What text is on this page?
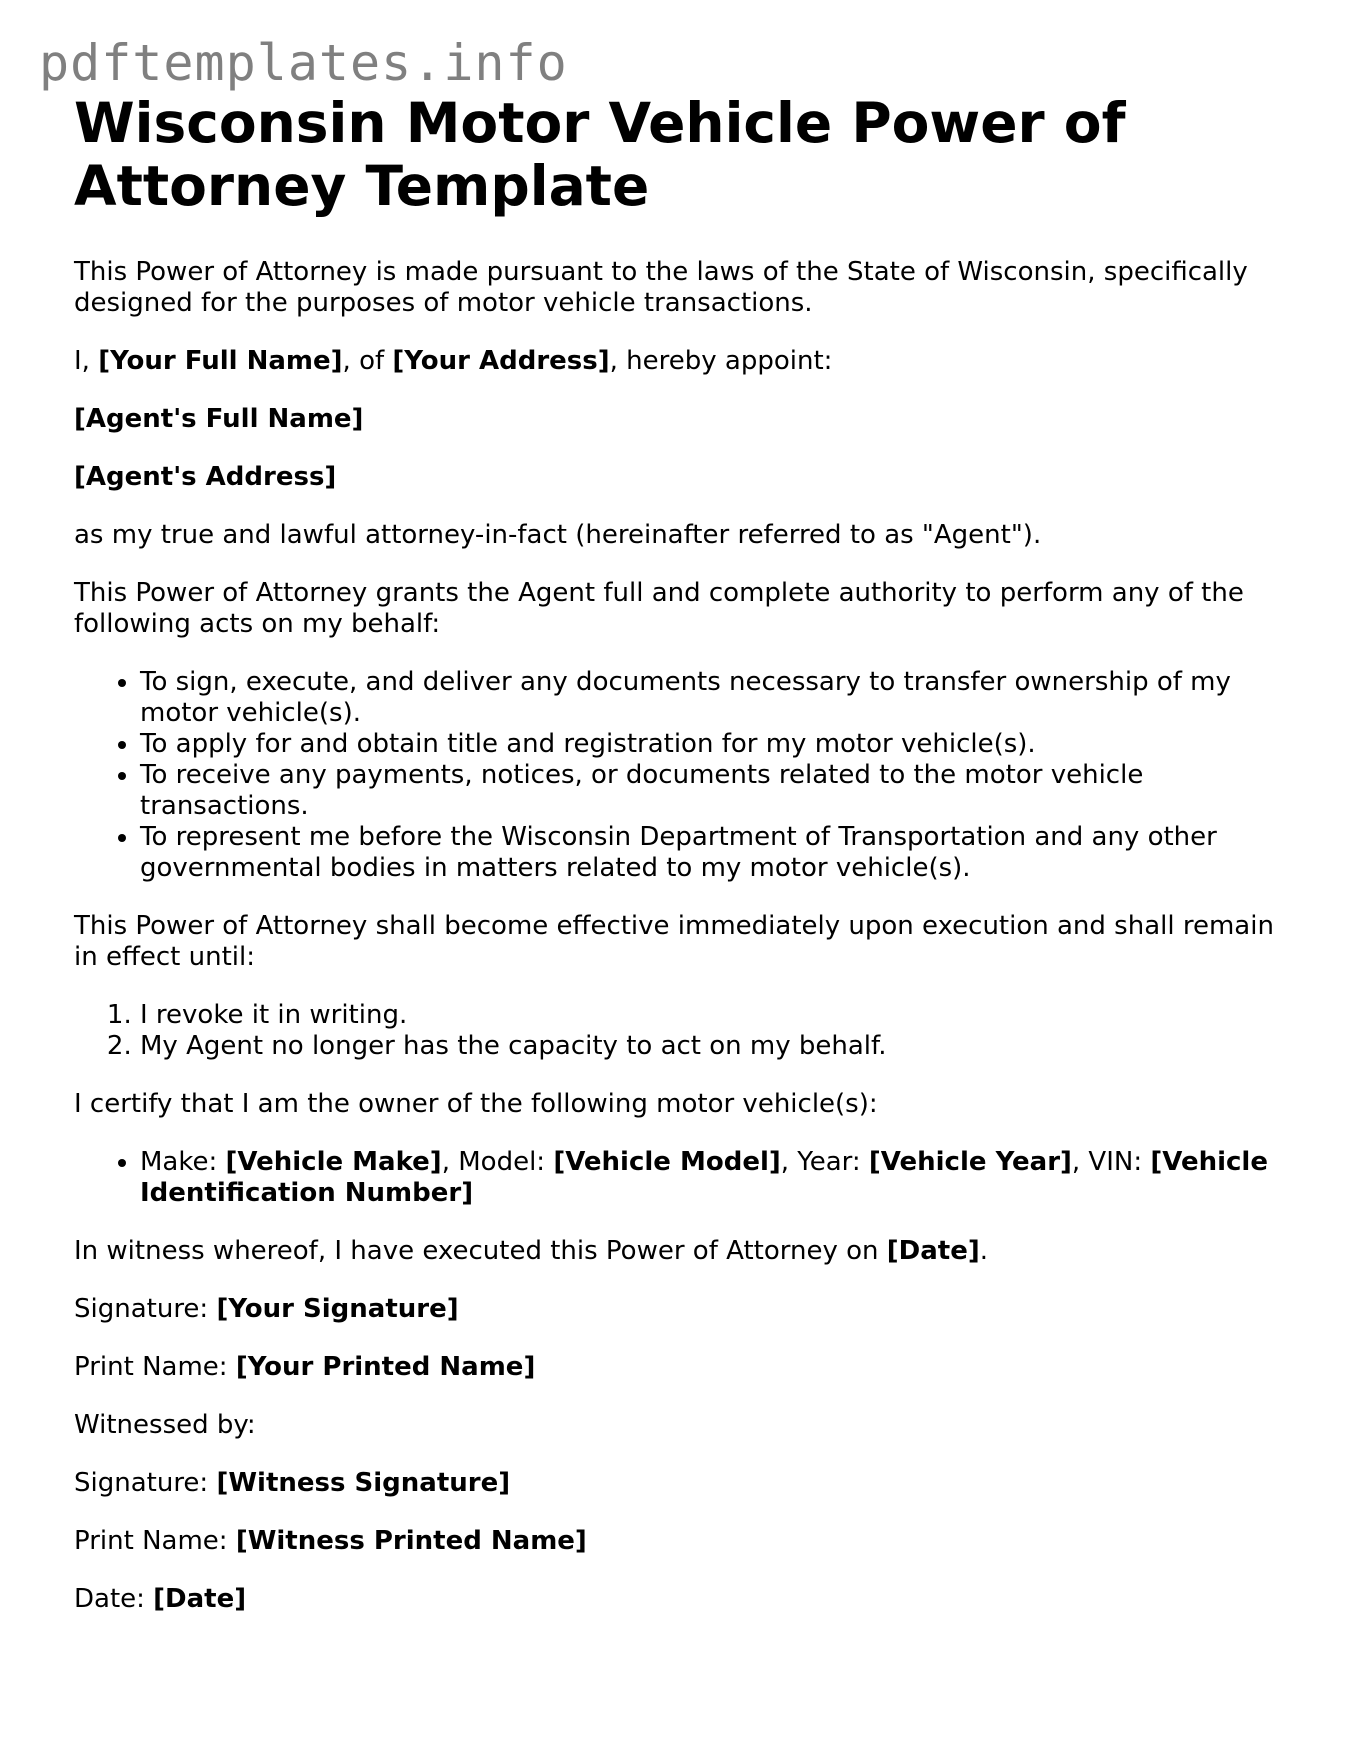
pdftemplates.info
Wisconsin Motor Vehicle Power of Attorney Template

This Power of Attorney is made pursuant to the laws of the State of Wisconsin, specifically designed for the purposes of motor vehicle transactions.

I, [Your Full Name], of [Your Address], hereby appoint:

[Agent's Full Name]

[Agent's Address]

as my true and lawful attorney-in-fact (hereinafter referred to as "Agent").

This Power of Attorney grants the Agent full and complete authority to perform any of the following acts on my behalf:

• To sign, execute, and deliver any documents necessary to transfer ownership of my motor vehicle(s).
• To apply for and obtain title and registration for my motor vehicle(s).
• To receive any payments, notices, or documents related to the motor vehicle transactions.
• To represent me before the Wisconsin Department of Transportation and any other governmental bodies in matters related to my motor vehicle(s).

This Power of Attorney shall become effective immediately upon execution and shall remain in effect until:

1. I revoke it in writing.
2. My Agent no longer has the capacity to act on my behalf.

I certify that I am the owner of the following motor vehicle(s):

• Make: [Vehicle Make], Model: [Vehicle Model], Year: [Vehicle Year], VIN: [Vehicle Identification Number]

In witness whereof, I have executed this Power of Attorney on [Date].

Signature: [Your Signature]

Print Name: [Your Printed Name]

Witnessed by:

Signature: [Witness Signature]

Print Name: [Witness Printed Name]

Date: [Date]
